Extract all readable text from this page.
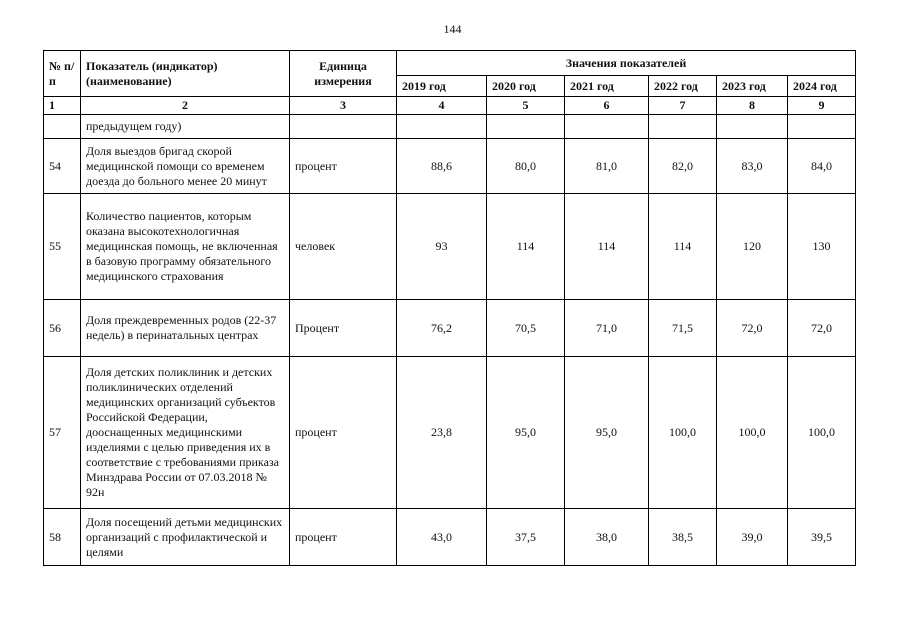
144
№ п/п	Показатель (индикатор) (наименование)	Единица измерения	Значения показателей					
			2019 год	2020 год	2021 год	2022 год	2023 год	2024 год
1	2	3	4	5	6	7	8	9
	предыдущем году)							
54	Доля выездов бригад скорой медицинской помощи со временем доезда до больного менее 20 минут	процент	88,6	80,0	81,0	82,0	83,0	84,0
55	Количество пациентов, которым оказана высокотехнологичная медицинская помощь, не включенная в базовую программу обязательного медицинского страхования	человек	93	114	114	114	120	130
56	Доля преждевременных родов (22-37 недель) в перинатальных центрах	Процент	76,2	70,5	71,0	71,5	72,0	72,0
57	Доля детских поликлиник и детских поликлинических отделений медицинских организаций субъектов Российской Федерации, дооснащенных медицинскими изделиями с целью приведения их в соответствие с требованиями приказа Минздрава России от 07.03.2018 № 92н	процент	23,8	95,0	95,0	100,0	100,0	100,0
58	Доля посещений детьми медицинских организаций с профилактической и целями	процент	43,0	37,5	38,0	38,5	39,0	39,5
